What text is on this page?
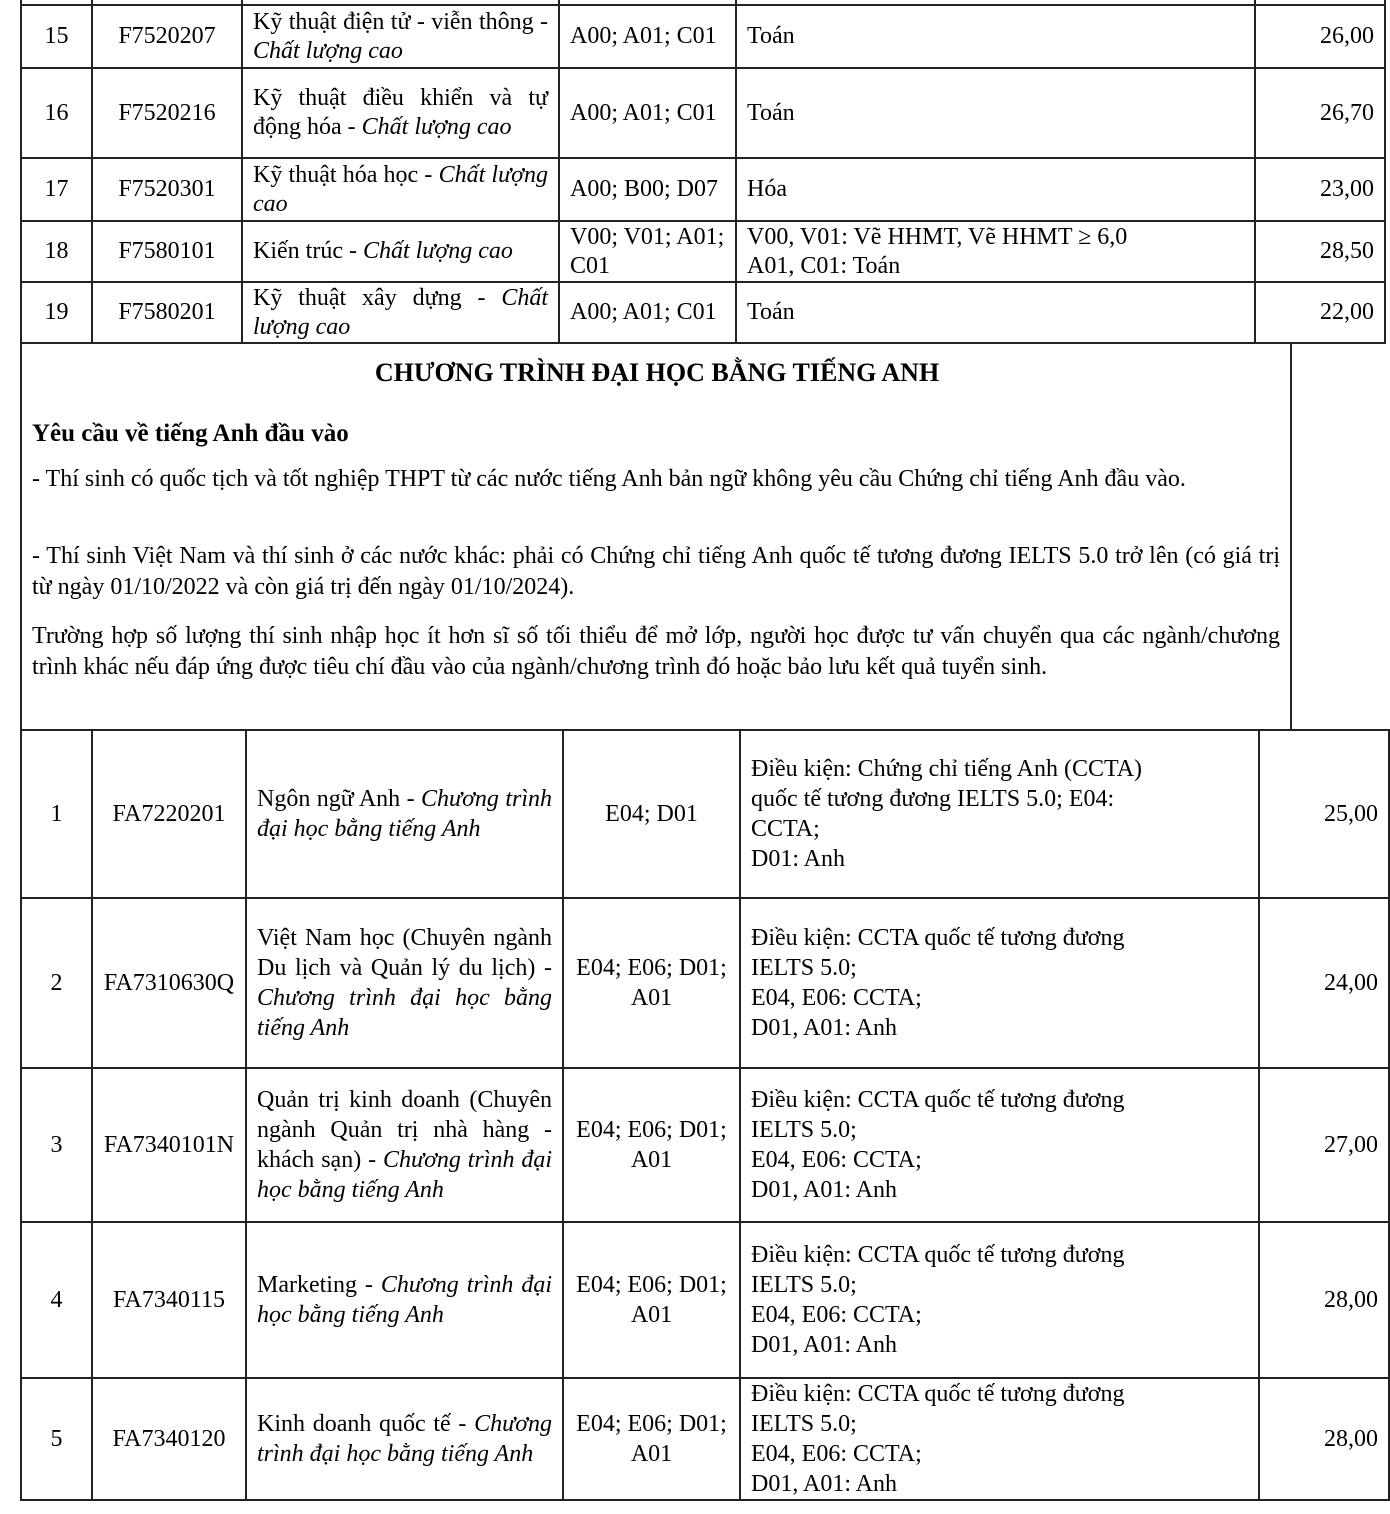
15	F7520207	Kỹ thuật điện tử - viễn thông - Chất lượng cao	A00; A01; C01	Toán	26,00
16	F7520216	Kỹ thuật điều khiển và tự động hóa - Chất lượng cao	A00; A01; C01	Toán	26,70
17	F7520301	Kỹ thuật hóa học - Chất lượng cao	A00; B00; D07	Hóa	23,00
18	F7580101	Kiến trúc - Chất lượng cao	V00; V01; A01; C01	V00, V01: Vẽ HHMT, Vẽ HHMT ≥ 6,0
A01, C01: Toán	28,50
19	F7580201	Kỹ thuật xây dựng - Chất lượng cao	A00; A01; C01	Toán	22,00
CHƯƠNG TRÌNH ĐẠI HỌC BẰNG TIẾNG ANH
Yêu cầu về tiếng Anh đầu vào
- Thí sinh có quốc tịch và tốt nghiệp THPT từ các nước tiếng Anh bản ngữ không yêu cầu Chứng chỉ tiếng Anh đầu vào.
- Thí sinh Việt Nam và thí sinh ở các nước khác: phải có Chứng chỉ tiếng Anh quốc tế tương đương IELTS 5.0 trở lên (có giá trị từ ngày 01/10/2022 và còn giá trị đến ngày 01/10/2024).
Trường hợp số lượng thí sinh nhập học ít hơn sĩ số tối thiểu để mở lớp, người học được tư vấn chuyển qua các ngành/chương trình khác nếu đáp ứng được tiêu chí đầu vào của ngành/chương trình đó hoặc bảo lưu kết quả tuyển sinh.
1	FA7220201	Ngôn ngữ Anh - Chương trình đại học bằng tiếng Anh	E04; D01	Điều kiện: Chứng chỉ tiếng Anh (CCTA)
quốc tế tương đương IELTS 5.0; E04:
CCTA;
D01: Anh	25,00
2	FA7310630Q	Việt Nam học (Chuyên ngành Du lịch và Quản lý du lịch) - Chương trình đại học bằng tiếng Anh	E04; E06; D01; A01	Điều kiện: CCTA quốc tế tương đương
IELTS 5.0;
E04, E06: CCTA;
D01, A01: Anh	24,00
3	FA7340101N	Quản trị kinh doanh (Chuyên ngành Quản trị nhà hàng - khách sạn) - Chương trình đại học bằng tiếng Anh	E04; E06; D01; A01	Điều kiện: CCTA quốc tế tương đương
IELTS 5.0;
E04, E06: CCTA;
D01, A01: Anh	27,00
4	FA7340115	Marketing - Chương trình đại học bằng tiếng Anh	E04; E06; D01; A01	Điều kiện: CCTA quốc tế tương đương
IELTS 5.0;
E04, E06: CCTA;
D01, A01: Anh	28,00
5	FA7340120	Kinh doanh quốc tế - Chương trình đại học bằng tiếng Anh	E04; E06; D01; A01	Điều kiện: CCTA quốc tế tương đương
IELTS 5.0;
E04, E06: CCTA;
D01, A01: Anh	28,00
